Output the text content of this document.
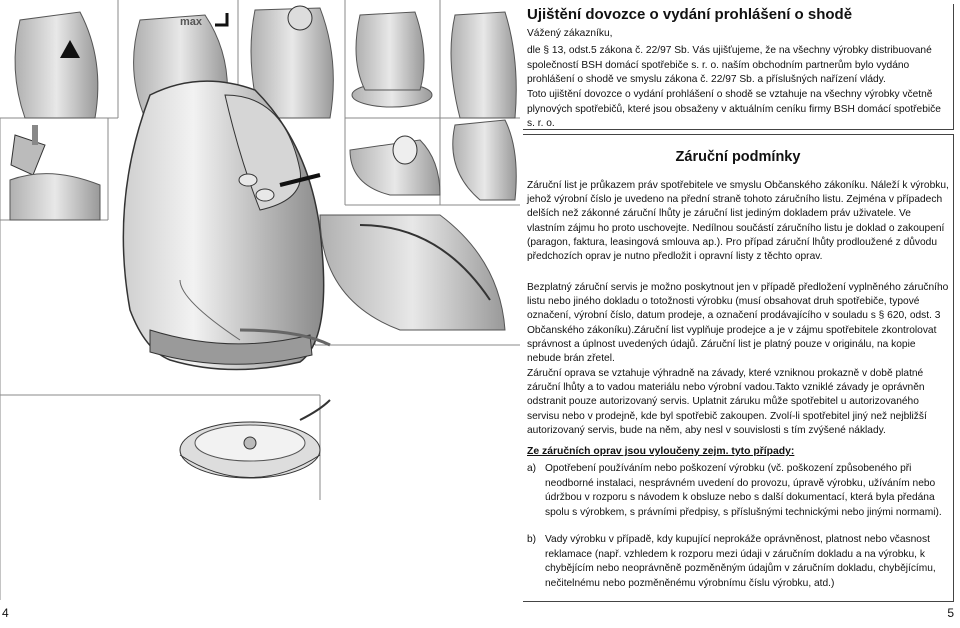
max
4	5
Ujištění dovozce o vydání prohlášení o shodě

Vážený zákazníku,

dle § 13, odst.5 zákona č. 22/97 Sb. Vás ujišťujeme, že na všechny výrobky distribuované společností BSH domácí spotřebiče s. r. o. naším obchodním partnerům bylo vydáno prohlášení o shodě ve smyslu zákona č. 22/97 Sb. a příslušných nařízení vlády.

Toto ujištění dovozce o vydání prohlášení o shodě se vztahuje na všechny výrobky včetně plynových spotřebičů, které jsou obsaženy v aktuálním ceníku firmy BSH domácí spotřebiče s. r. o.

Záruční podmínky

Záruční list je průkazem práv spotřebitele ve smyslu Občanského zákoníku. Náleží k výrobku, jehož výrobní číslo je uvedeno na přední straně tohoto záručního listu. Zejména v případech delších než zákonné záruční lhůty je záruční list jediným dokladem práv uživatele. Ve vlastním zájmu ho proto uschovejte. Nedílnou součástí záručního listu je doklad o zakoupení (paragon, faktura, leasingová smlouva ap.). Pro případ záruční lhůty prodloužené z důvodu předchozích oprav je nutno předložit i opravní listy z těchto oprav.

Bezplatný záruční servis je možno poskytnout jen v případě předložení vyplněného záručního listu nebo jiného dokladu o totožnosti výrobku (musí obsahovat druh spotřebiče, typové označení, výrobní číslo, datum prodeje, a označení prodávajícího v souladu s § 620, odst. 3 Občanského zákoníku).Záruční list vyplňuje prodejce a je v zájmu spotřebitele zkontrolovat správnost a úplnost uvedených údajů. Záruční list je platný pouze v originálu, na kopie nebude brán zřetel.

Záruční oprava se vztahuje výhradně na závady, které vzniknou prokazně v době platné záruční lhůty a to vadou materiálu nebo výrobní vadou.Takto vzniklé závady je oprávněn odstranit pouze autorizovaný servis. Uplatnit záruku může spotřebitel u autorizovaného servisu nebo v prodejně, kde byl spotřebič zakoupen. Zvolí-li spotřebitel jiný než nejbližší autorizovaný servis, bude na něm, aby nesl v souvislosti s tím zvýšené náklady.

Ze záručních oprav jsou vyloučeny zejm. tyto případy:
a) Opotřebení používáním nebo poškození výrobku (vč. poškození způsobeného při neodborné instalaci, nesprávném uvedení do provozu, úpravě výrobku, užíváním nebo údržbou v rozporu s návodem k obsluze nebo s další dokumentací, která byla předána spolu s výrobkem, s právními předpisy, s příslušnými technickými nebo jinými normami).
b) Vady výrobku v případě, kdy kupující neprokáže oprávněnost, platnost nebo včasnost reklamace (např. vzhledem k rozporu mezi údaji v záručním dokladu a na výrobku, k chybějícím nebo neoprávněně pozměněným údajům v záručním dokladu, chybějícímu, nečitelnému nebo pozměněnému výrobnímu číslu výrobku, atd.)
